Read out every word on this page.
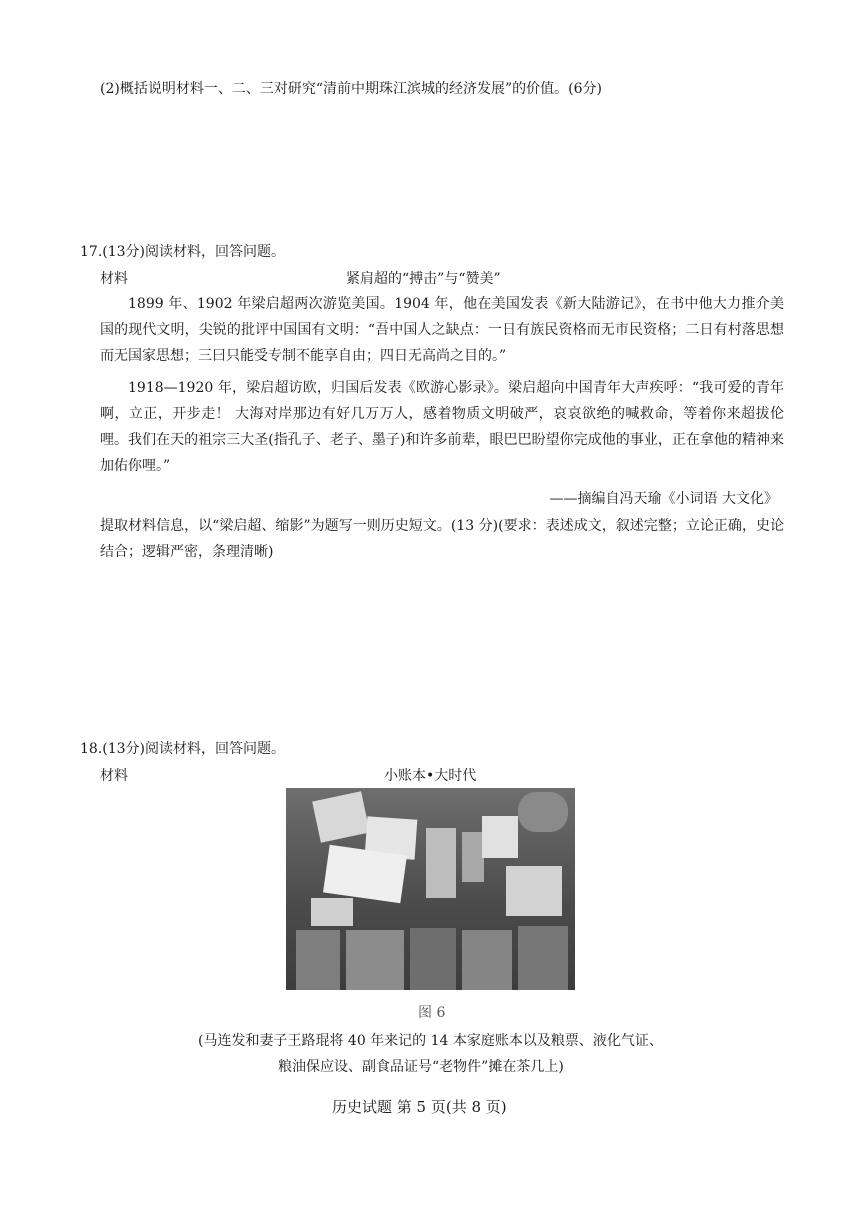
(2)概括说明材料一、二、三对研究“清前中期珠江滨城的经济发展”的价值。(6分)
17.(13分)阅读材料，回答问题。
材料	紧肩超的“搏击”与“赞美”
1899 年、1902 年梁启超两次游览美国。1904 年，他在美国发表《新大陆游记》，在书中他大力推介美国的现代文明，尖锐的批评中国国有文明：“吾中国人之缺点：一日有族民资格而无市民资格；二日有村落思想而无国家思想；三曰只能受专制不能享自由；四日无高尚之目的。”
1918—1920 年，梁启超访欧，归国后发表《欧游心影录》。梁启超向中国青年大声疾呼：“我可爱的青年啊，立正，开步走！ 大海对岸那边有好几万万人，感着物质文明破严，哀哀欲绝的喊救命，等着你来超拔伦哩。我们在天的祖宗三大圣(指孔子、老子、墨子)和许多前辈，眼巴巴盼望你完成他的事业，正在拿他的精神来加佑你哩。”
——摘编自冯天瑜《小词语 大文化》
提取材料信息，以“梁启超、缩影”为题写一则历史短文。(13 分)(要求：表述成文，叙述完整；立论正确，史论结合；逻辑严密，条理清晰)
18.(13分)阅读材料，回答问题。
材料	小账本•大时代
图 6
(马连发和妻子王路琨将 40 年来记的 14 本家庭账本以及粮票、液化气证、
粮油保应设、副食品证号“老物件”摊在茶几上)
历史试题 第 5 页(共 8 页)
